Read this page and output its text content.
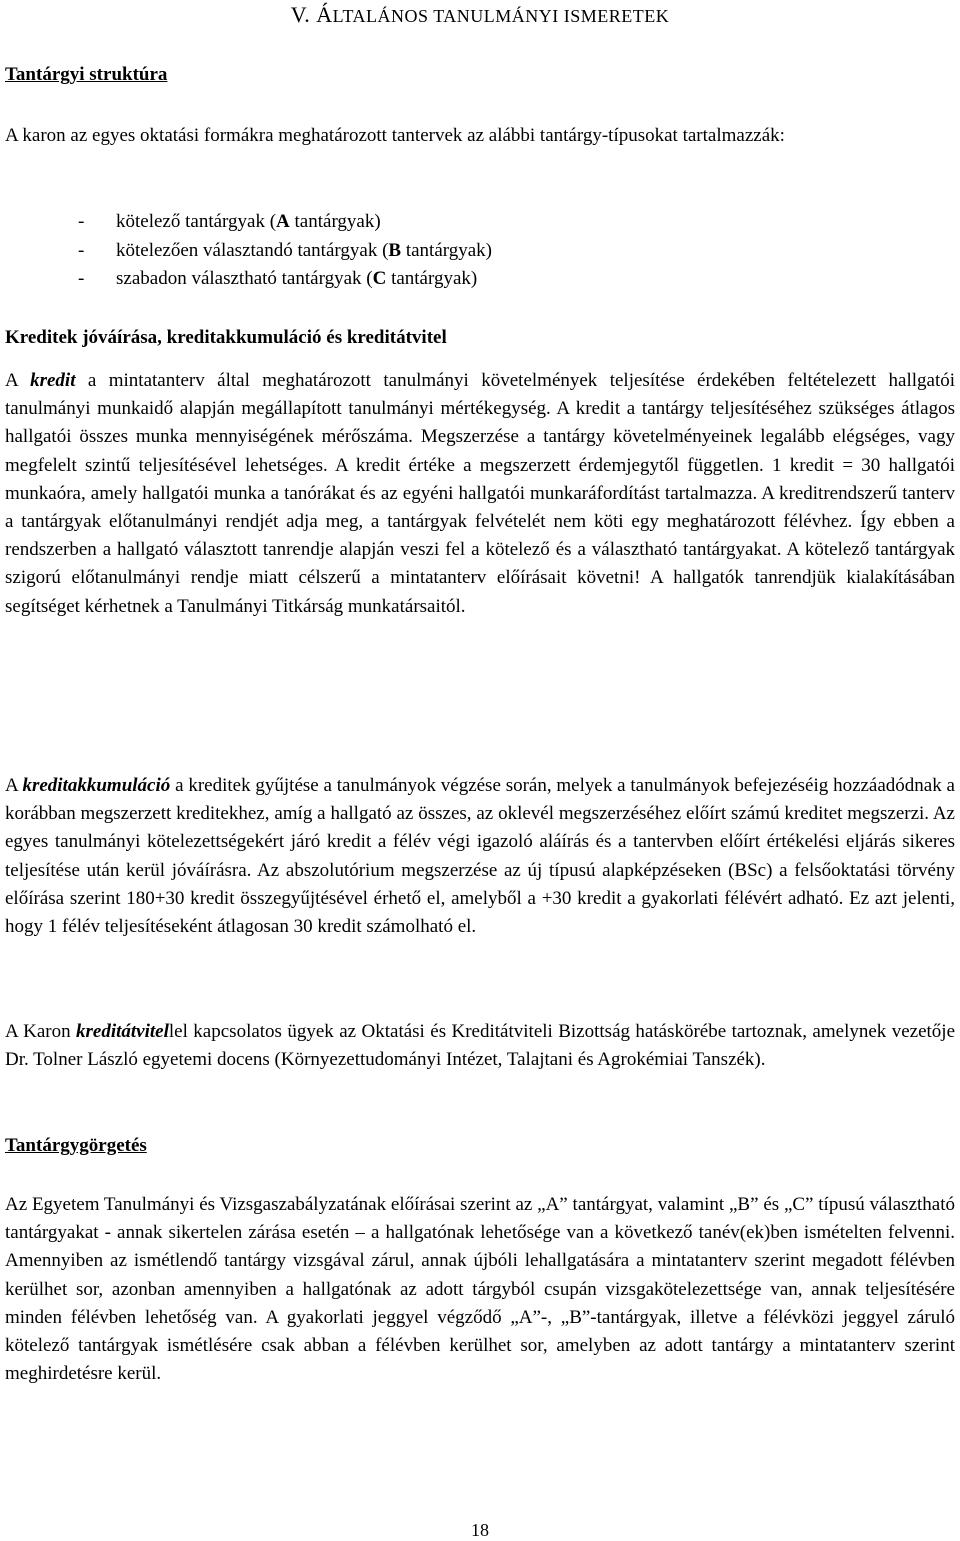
V. ÁLTALÁNOS TANULMÁNYI ISMERETEK
Tantárgyi struktúra
A karon az egyes oktatási formákra meghatározott tantervek az alábbi tantárgy-típusokat tartalmazzák:
- kötelező tantárgyak (A tantárgyak)
- kötelezően választandó tantárgyak (B tantárgyak)
- szabadon választható tantárgyak (C tantárgyak)
Kreditek jóváírása, kreditakkumuláció és kreditátvitel
A kredit a mintatanterv által meghatározott tanulmányi követelmények teljesítése érdekében feltételezett hallgatói tanulmányi munkaidő alapján megállapított tanulmányi mértékegység. A kredit a tantárgy teljesítéséhez szükséges átlagos hallgatói összes munka mennyiségének mérőszáma. Megszerzése a tantárgy követelményeinek legalább elégséges, vagy megfelelt szintű teljesítésével lehetséges. A kredit értéke a megszerzett érdemjegytől független. 1 kredit = 30 hallgatói munkaóra, amely hallgatói munka a tanórákat és az egyéni hallgatói munkaráfordítást tartalmazza. A kreditrendszerű tanterv a tantárgyak előtanulmányi rendjét adja meg, a tantárgyak felvételét nem köti egy meghatározott félévhez. Így ebben a rendszerben a hallgató választott tanrendje alapján veszi fel a kötelező és a választható tantárgyakat. A kötelező tantárgyak szigorú előtanulmányi rendje miatt célszerű a mintatanterv előírásait követni! A hallgatók tanrendjük kialakításában segítséget kérhetnek a Tanulmányi Titkárság munkatársaitól.
A kreditakkumuláció a kreditek gyűjtése a tanulmányok végzése során, melyek a tanulmányok befejezéséig hozzáadódnak a korábban megszerzett kreditekhez, amíg a hallgató az összes, az oklevél megszerzéséhez előírt számú kreditet megszerzi. Az egyes tanulmányi kötelezettségekért járó kredit a félév végi igazoló aláírás és a tantervben előírt értékelési eljárás sikeres teljesítése után kerül jóváírásra. Az abszolutórium megszerzése az új típusú alapképzéseken (BSc) a felsőoktatási törvény előírása szerint 180+30 kredit összegyűjtésével érhető el, amelyből a +30 kredit a gyakorlati félévért adható. Ez azt jelenti, hogy 1 félév teljesítéseként átlagosan 30 kredit számolható el.
A Karon kreditátvitellel kapcsolatos ügyek az Oktatási és Kreditátviteli Bizottság hatáskörébe tartoznak, amelynek vezetője Dr. Tolner László egyetemi docens (Környezettudományi Intézet, Talajtani és Agrokémiai Tanszék).
Tantárgygörgetés
Az Egyetem Tanulmányi és Vizsgaszabályzatának előírásai szerint az „A” tantárgyat, valamint „B” és „C” típusú választható tantárgyakat - annak sikertelen zárása esetén – a hallgatónak lehetősége van a következő tanév(ek)ben ismételten felvenni. Amennyiben az ismétlendő tantárgy vizsgával zárul, annak újbóli lehallgatására a mintatanterv szerint megadott félévben kerülhet sor, azonban amennyiben a hallgatónak az adott tárgyból csupán vizsgakötelezettsége van, annak teljesítésére minden félévben lehetőség van. A gyakorlati jeggyel végződő „A”-, „B”-tantárgyak, illetve a félévközi jeggyel záruló kötelező tantárgyak ismétlésére csak abban a félévben kerülhet sor, amelyben az adott tantárgy a mintatanterv szerint meghirdetésre kerül.
18
